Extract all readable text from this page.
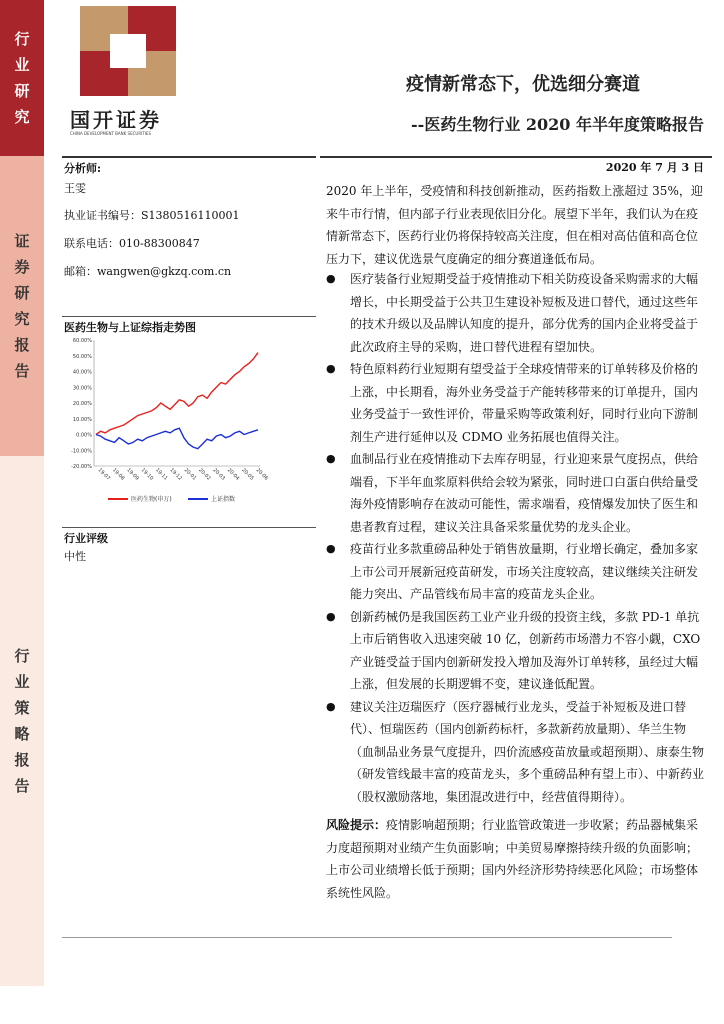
行
业
研
究
证
券
研
究
报
告
行
业
策
略
报
告
国开证券
CHINA DEVELOPMENT BANK SECURITIES
疫情新常态下，优选细分赛道
--医药生物行业 2020 年半年度策略报告
分析师:
王雯
执业证书编号：S1380516110001
联系电话：010-88300847
邮箱：wangwen@gkzq.com.cn
医药生物与上证综指走势图
60.00%
50.00%
40.00%
30.00%
20.00%
10.00%
0.00%
-10.00%
-20.00%
19-07 19-08 19-09 19-10 19-11 19-12 20-01 20-02 20-03 20-04 20-05 20-06
医药生物(申万)	上证指数
行业评级
中性
2020 年 7 月 3 日
2020 年上半年，受疫情和科技创新推动，医药指数上涨超过 35%，迎来牛市行情，但内部子行业表现依旧分化。展望下半年，我们认为在疫情新常态下，医药行业仍将保持较高关注度，但在相对高估值和高仓位压力下，建议优选景气度确定的细分赛道逢低布局。
● 医疗装备行业短期受益于疫情推动下相关防疫设备采购需求的大幅增长，中长期受益于公共卫生建设补短板及进口替代，通过这些年的技术升级以及品牌认知度的提升，部分优秀的国内企业将受益于此次政府主导的采购，进口替代进程有望加快。
● 特色原料药行业短期有望受益于全球疫情带来的订单转移及价格的上涨，中长期看，海外业务受益于产能转移带来的订单提升，国内业务受益于一致性评价，带量采购等政策利好，同时行业向下游制剂生产进行延伸以及 CDMO 业务拓展也值得关注。
● 血制品行业在疫情推动下去库存明显，行业迎来景气度拐点，供给端看，下半年血浆原料供给会较为紧张，同时进口白蛋白供给量受海外疫情影响存在波动可能性，需求端看，疫情爆发加快了医生和患者教育过程，建议关注具备采浆量优势的龙头企业。
● 疫苗行业多款重磅品种处于销售放量期，行业增长确定，叠加多家上市公司开展新冠疫苗研发，市场关注度较高，建议继续关注研发能力突出、产品管线布局丰富的疫苗龙头企业。
● 创新药械仍是我国医药工业产业升级的投资主线，多款 PD-1 单抗上市后销售收入迅速突破 10 亿，创新药市场潜力不容小觑，CXO 产业链受益于国内创新研发投入增加及海外订单转移，虽经过大幅上涨，但发展的长期逻辑不变，建议逢低配置。
● 建议关注迈瑞医疗（医疗器械行业龙头，受益于补短板及进口替代）、恒瑞医药（国内创新药标杆，多款新药放量期）、华兰生物（血制品业务景气度提升，四价流感疫苗放量或超预期）、康泰生物（研发管线最丰富的疫苗龙头，多个重磅品种有望上市）、中新药业（股权激励落地，集团混改进行中，经营值得期待）。
风险提示：疫情影响超预期；行业监管政策进一步收紧；药品器械集采力度超预期对业绩产生负面影响；中美贸易摩擦持续升级的负面影响；上市公司业绩增长低于预期；国内外经济形势持续恶化风险；市场整体系统性风险。
